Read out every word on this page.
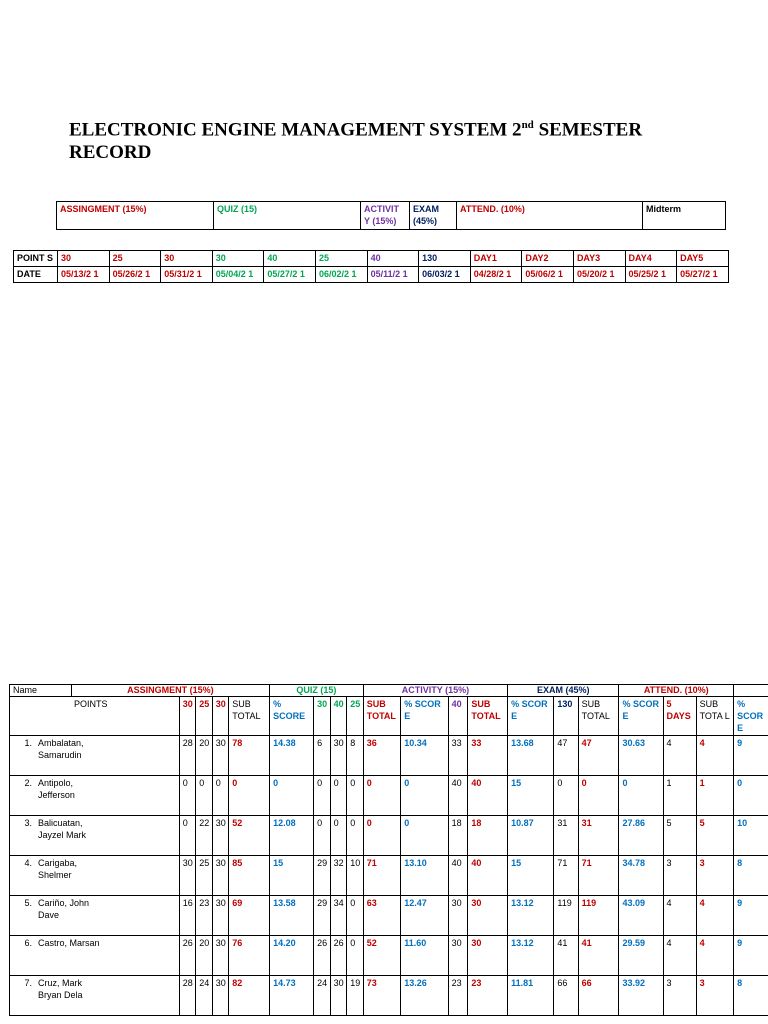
ELECTRONIC ENGINE MANAGEMENT SYSTEM 2nd SEMESTER RECORD
ASSINGMENT (15%)	QUIZ (15)	ACTIVIT Y (15%)	EXAM (45%)	ATTEND. (10%)	Midterm
POINT S	30	25	30	30	40	25	40	130	DAY1	DAY2	DAY3	DAY4	DAY5
DATE	05/13/2 1	05/26/2 1	05/31/2 1	05/04/2 1	05/27/2 1	06/02/2 1	05/11/2 1	06/03/2 1	04/28/2 1	05/06/2 1	05/20/2 1	05/25/2 1	05/27/2 1
Name	ASSINGMENT (15%)					QUIZ (15)				ACTIVITY (15%)				EXAM (45%)			ATTEND. (10%)			
POINTS		30	25	30	SUB TOTAL	% SCORE	30	40	25	SUB TOTAL	% SCOR E	40	SUB TOTAL	% SCOR E	130	SUB TOTAL	% SCOR E	5 DAYS	SUB TOTA L	% SCOR E
1. Ambalatan, Samarudin		28	20	30	78	14.38	6	30	8	36	10.34	33	33	13.68	47	47	30.63	4	4	9
2. Antipolo, Jefferson		0	0	0	0	0	0	0	0	0	0	40	40	15	0	0	0	1	1	0
3. Balicuatan, Jayzel Mark		0	22	30	52	12.08	0	0	0	0	0	18	18	10.87	31	31	27.86	5	5	10
4. Carigaba, Shelmer		30	25	30	85	15	29	32	10	71	13.10	40	40	15	71	71	34.78	3	3	8
5. Cariño, John Dave		16	23	30	69	13.58	29	34	0	63	12.47	30	30	13.12	119	119	43.09	4	4	9
6. Castro, Marsan		26	20	30	76	14.20	26	26	0	52	11.60	30	30	13.12	41	41	29.59	4	4	9
7. Cruz, Mark Bryan Dela		28	24	30	82	14.73	24	30	19	73	13.26	23	23	11.81	66	66	33.92	3	3	8
